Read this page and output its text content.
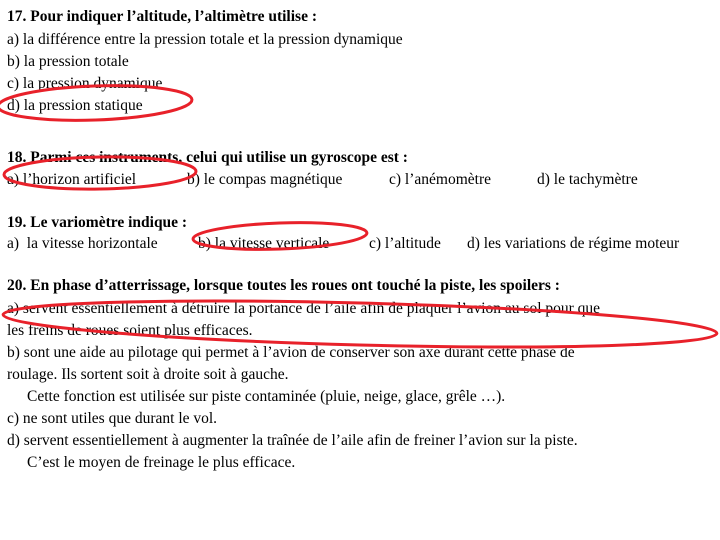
17. Pour indiquer l’altitude, l’altimètre utilise :
a) la différence entre la pression totale et la pression dynamique
b) la pression totale
c) la pression dynamique
d) la pression statique
18. Parmi ces instruments, celui qui utilise un gyroscope est :

a) l’horizon artificiel

	b) le compas magnétique

	c) l’anémomètre

	d) le tachymètre

19. Le variomètre indique :

a)  la vitesse horizontale

	b) la vitesse verticale

	c) l’altitude

d) les variations de régime moteur

20. En phase d’atterrissage, lorsque toutes les roues ont touché la piste, les spoilers :
a) servent essentiellement à détruire la portance de l’aile afin de plaquer l’avion au sol pour que
les freins de roues soient plus efficaces.
b) sont une aide au pilotage qui permet à l’avion de conserver son axe durant cette phase de
roulage. Ils sortent soit à droite soit à gauche.
Cette fonction est utilisée sur piste contaminée (pluie, neige, glace, grêle …).
c) ne sont utiles que durant le vol.
d) servent essentiellement à augmenter la traînée de l’aile afin de freiner l’avion sur la piste.
C’est le moyen de freinage le plus efficace.
